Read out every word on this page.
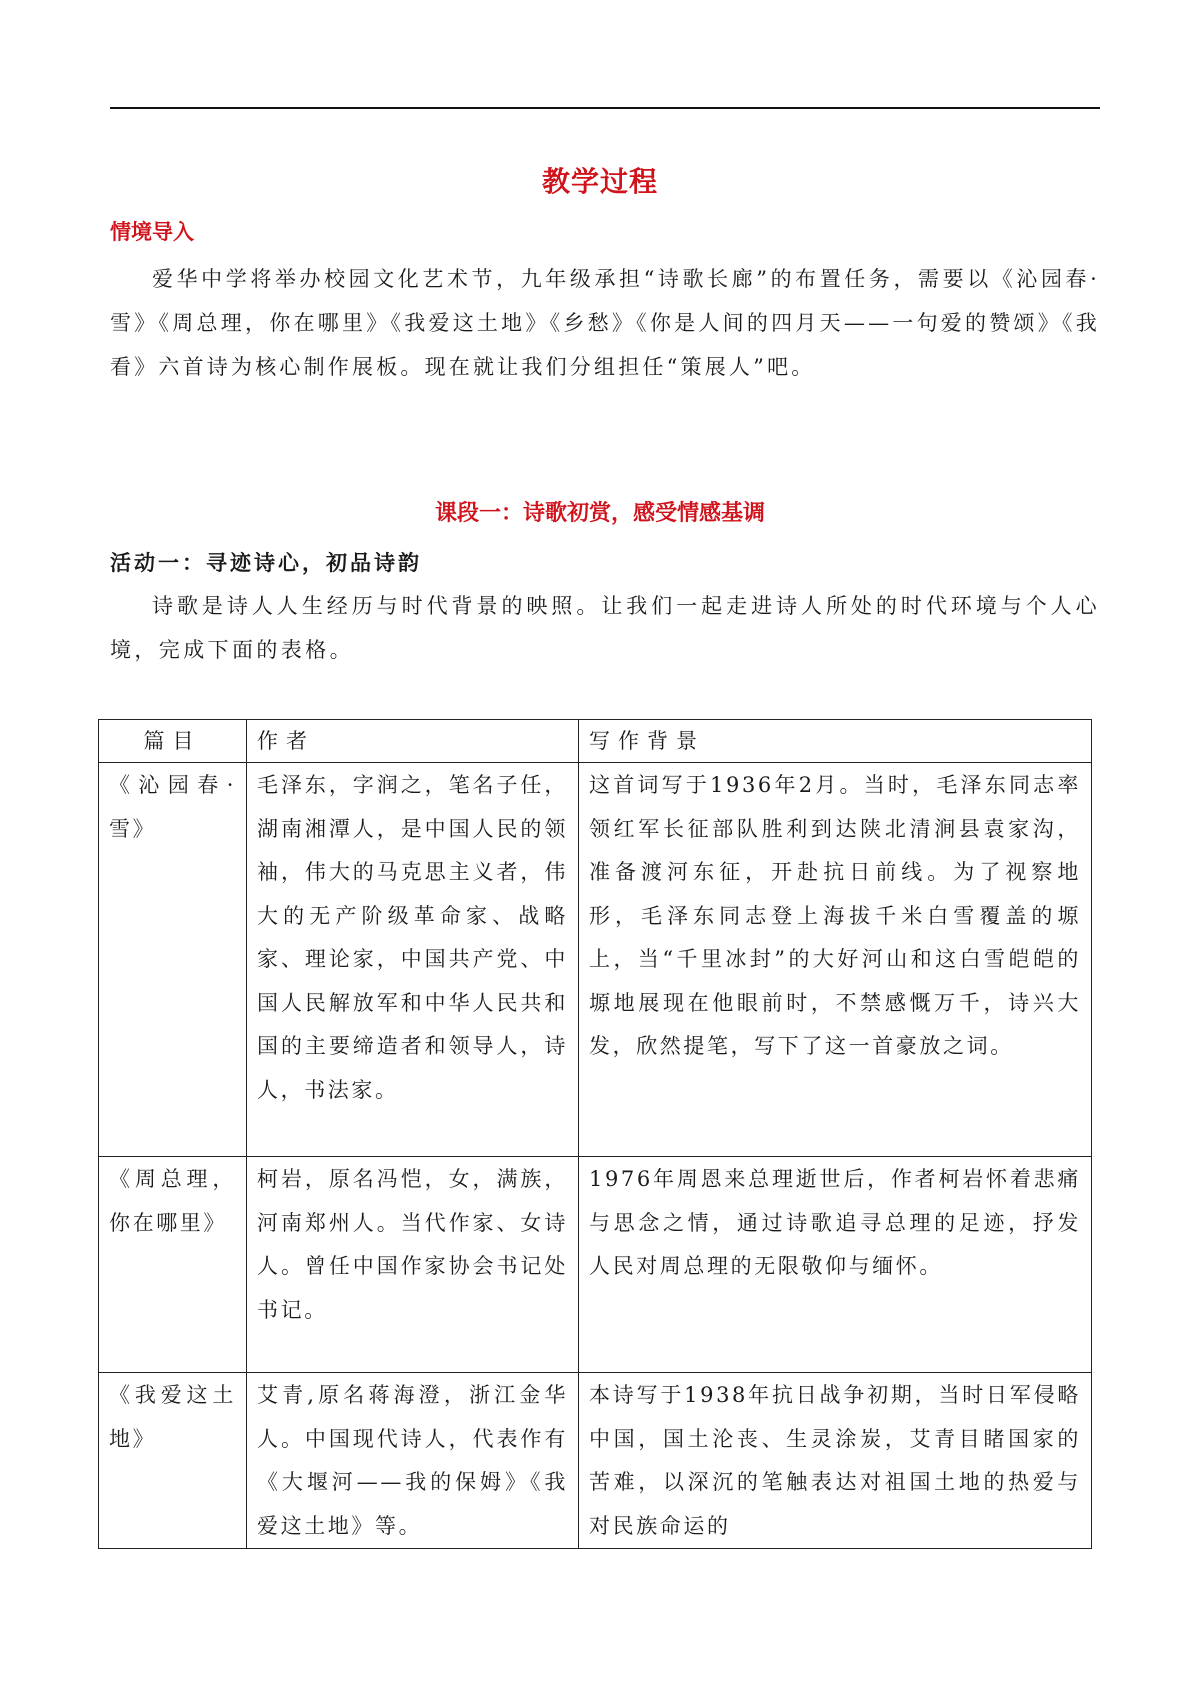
教学过程
情境导入
爱华中学将举办校园文化艺术节，九年级承担“诗歌长廊”的布置任务，需要以《沁园春·雪》《周总理，你在哪里》《我爱这土地》《乡愁》《你是人间的四月天——一句爱的赞颂》《我看》六首诗为核心制作展板。现在就让我们分组担任“策展人”吧。
课段一：诗歌初赏，感受情感基调
活动一：寻迹诗心，初品诗韵
诗歌是诗人人生经历与时代背景的映照。让我们一起走进诗人所处的时代环境与个人心境，完成下面的表格。
篇目	作者	写作背景
《沁园春·雪》	毛泽东，字润之，笔名子任，湖南湘潭人，是中国人民的领袖，伟大的马克思主义者，伟大的无产阶级革命家、战略家、理论家，中国共产党、中国人民解放军和中华人民共和国的主要缔造者和领导人，诗人，书法家。	这首词写于1936年2月。当时，毛泽东同志率领红军长征部队胜利到达陕北清涧县袁家沟，准备渡河东征，开赴抗日前线。为了视察地形，毛泽东同志登上海拔千米白雪覆盖的塬上，当“千里冰封”的大好河山和这白雪皑皑的塬地展现在他眼前时，不禁感慨万千，诗兴大发，欣然提笔，写下了这一首豪放之词。
《周总理，你在哪里》	柯岩，原名冯恺，女，满族，河南郑州人。当代作家、女诗人。曾任中国作家协会书记处书记。	1976年周恩来总理逝世后，作者柯岩怀着悲痛与思念之情，通过诗歌追寻总理的足迹，抒发人民对周总理的无限敬仰与缅怀。
《我爱这土地》	艾青,原名蒋海澄，浙江金华人。中国现代诗人，代表作有《大堰河——我的保姆》《我爱这土地》等。	本诗写于1938年抗日战争初期，当时日军侵略中国，国土沦丧、生灵涂炭，艾青目睹国家的苦难，以深沉的笔触表达对祖国土地的热爱与对民族命运的
